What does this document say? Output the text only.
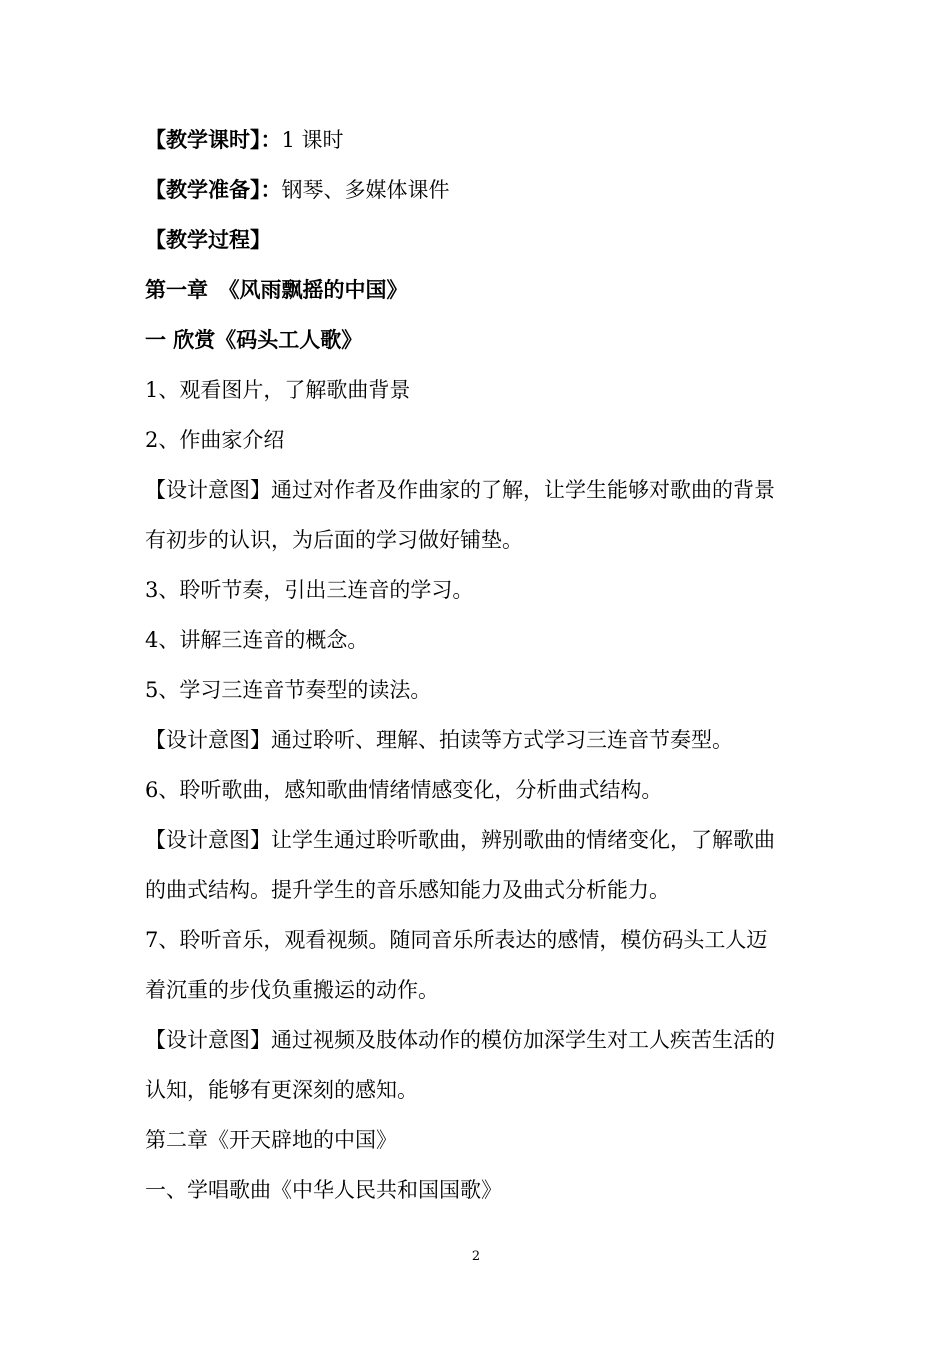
【教学课时】：1 课时
【教学准备】：钢琴、多媒体课件
【教学过程】
第一章　《风雨飘摇的中国》
一 欣赏《码头工人歌》
1、观看图片，了解歌曲背景
2、作曲家介绍
【设计意图】通过对作者及作曲家的了解，让学生能够对歌曲的背景
有初步的认识，为后面的学习做好铺垫。
3、聆听节奏，引出三连音的学习。
4、讲解三连音的概念。
5、学习三连音节奏型的读法。
【设计意图】通过聆听、理解、拍读等方式学习三连音节奏型。
6、聆听歌曲，感知歌曲情绪情感变化，分析曲式结构。
【设计意图】让学生通过聆听歌曲，辨别歌曲的情绪变化，了解歌曲
的曲式结构。提升学生的音乐感知能力及曲式分析能力。
7、聆听音乐，观看视频。随同音乐所表达的感情，模仿码头工人迈
着沉重的步伐负重搬运的动作。
【设计意图】通过视频及肢体动作的模仿加深学生对工人疾苦生活的
认知，能够有更深刻的感知。
第二章《开天辟地的中国》
一、学唱歌曲《中华人民共和国国歌》
2
